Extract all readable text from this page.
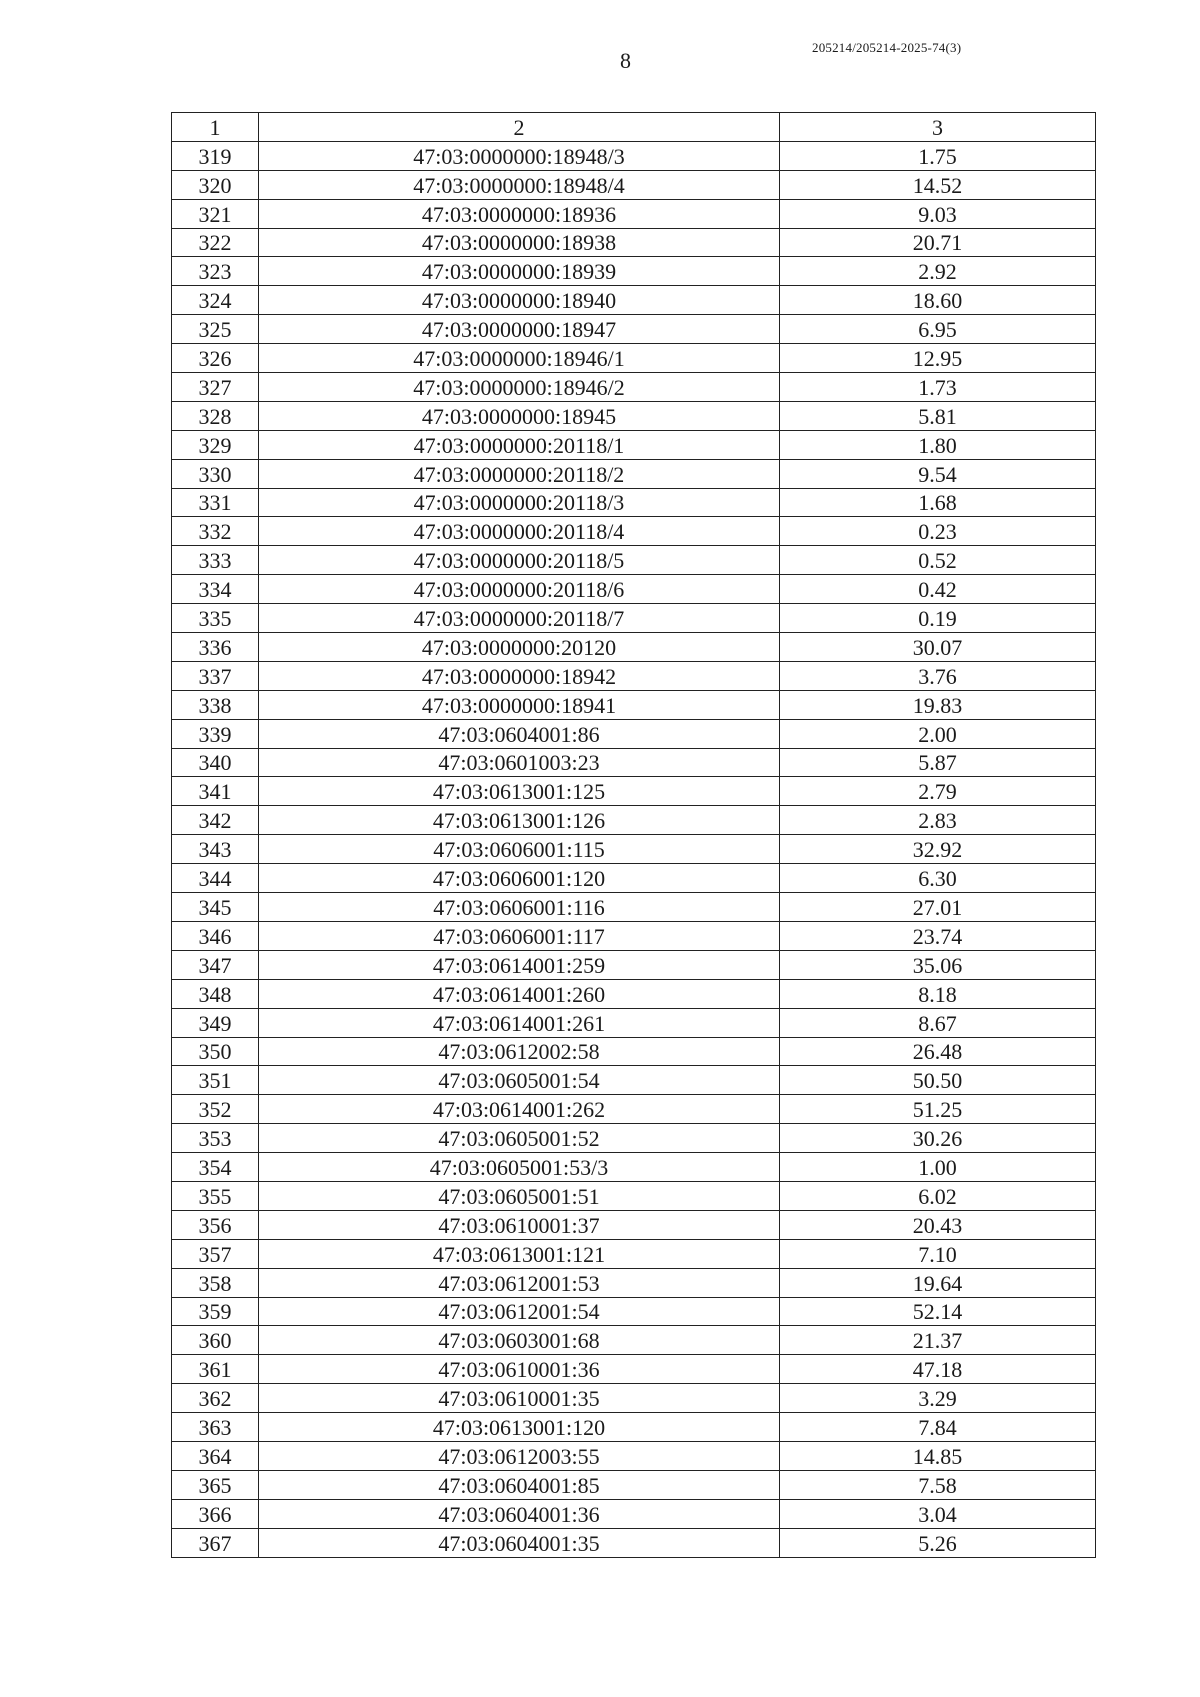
8
205214/205214-2025-74(3)
1	2	3
319	47:03:0000000:18948/3	1.75
320	47:03:0000000:18948/4	14.52
321	47:03:0000000:18936	9.03
322	47:03:0000000:18938	20.71
323	47:03:0000000:18939	2.92
324	47:03:0000000:18940	18.60
325	47:03:0000000:18947	6.95
326	47:03:0000000:18946/1	12.95
327	47:03:0000000:18946/2	1.73
328	47:03:0000000:18945	5.81
329	47:03:0000000:20118/1	1.80
330	47:03:0000000:20118/2	9.54
331	47:03:0000000:20118/3	1.68
332	47:03:0000000:20118/4	0.23
333	47:03:0000000:20118/5	0.52
334	47:03:0000000:20118/6	0.42
335	47:03:0000000:20118/7	0.19
336	47:03:0000000:20120	30.07
337	47:03:0000000:18942	3.76
338	47:03:0000000:18941	19.83
339	47:03:0604001:86	2.00
340	47:03:0601003:23	5.87
341	47:03:0613001:125	2.79
342	47:03:0613001:126	2.83
343	47:03:0606001:115	32.92
344	47:03:0606001:120	6.30
345	47:03:0606001:116	27.01
346	47:03:0606001:117	23.74
347	47:03:0614001:259	35.06
348	47:03:0614001:260	8.18
349	47:03:0614001:261	8.67
350	47:03:0612002:58	26.48
351	47:03:0605001:54	50.50
352	47:03:0614001:262	51.25
353	47:03:0605001:52	30.26
354	47:03:0605001:53/3	1.00
355	47:03:0605001:51	6.02
356	47:03:0610001:37	20.43
357	47:03:0613001:121	7.10
358	47:03:0612001:53	19.64
359	47:03:0612001:54	52.14
360	47:03:0603001:68	21.37
361	47:03:0610001:36	47.18
362	47:03:0610001:35	3.29
363	47:03:0613001:120	7.84
364	47:03:0612003:55	14.85
365	47:03:0604001:85	7.58
366	47:03:0604001:36	3.04
367	47:03:0604001:35	5.26
